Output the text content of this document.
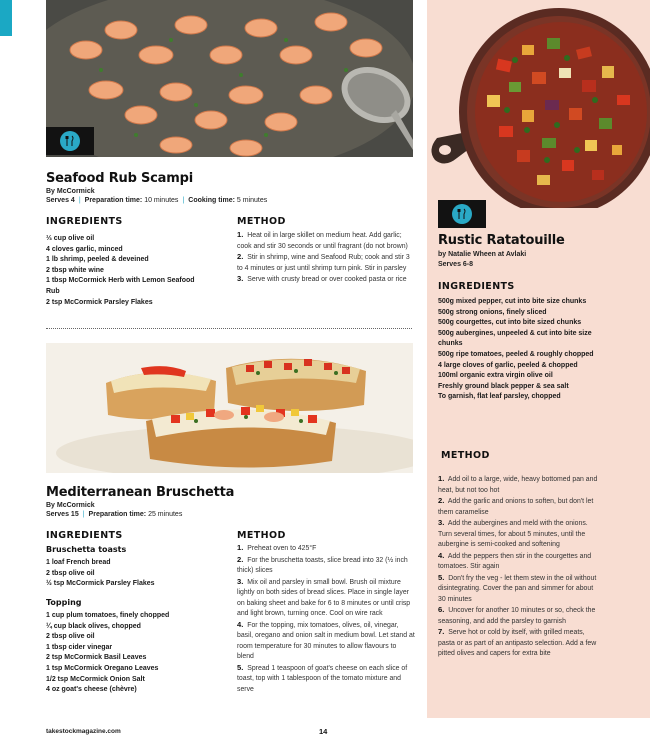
Rustic Ratatouille
by Natalie Wheen at Avlaki
Serves 6-8
INGREDIENTS
500g mixed pepper, cut into bite size chunks
500g strong onions, finely sliced
500g courgettes, cut into bite sized chunks
500g aubergines, unpeeled & cut into bite size chunks
500g ripe tomatoes, peeled & roughly chopped
4 large cloves of garlic, peeled & chopped
100ml organic extra virgin olive oil
Freshly ground black pepper & sea salt
To garnish, flat leaf parsley, chopped
METHOD
1. Add oil to a large, wide, heavy bottomed pan and heat, but not too hot
2. Add the garlic and onions to soften, but don't let them caramelise
3. Add the aubergines and meld with the onions. Turn several times, for about 5 minutes, until the aubergine is semi-cooked and softening
4. Add the peppers then stir in the courgettes and tomatoes. Stir again
5. Don't fry the veg - let them stew in the oil without disintegrating. Cover the pan and simmer for about 30 minutes
6. Uncover for another 10 minutes or so, check the seasoning, and add the parsley to garnish
7. Serve hot or cold by itself, with grilled meats, pasta or as part of an antipasto selection. Add a few pitted olives and capers for extra bite
Seafood Rub Scampi
By McCormick
Serves 4 | Preparation time: 10 minutes | Cooking time: 5 minutes
INGREDIENTS
⅓ cup olive oil
4 cloves garlic, minced
1 lb shrimp, peeled & deveined
2 tbsp white wine
1 tbsp McCormick Herb with Lemon Seafood Rub
2 tsp McCormick Parsley Flakes
METHOD
1. Heat oil in large skillet on medium heat. Add garlic; cook and stir 30 seconds or until fragrant (do not brown)
2. Stir in shrimp, wine and Seafood Rub; cook and stir 3 to 4 minutes or just until shrimp turn pink. Stir in parsley
3. Serve with crusty bread or over cooked pasta or rice
Mediterranean Bruschetta
By McCormick
Serves 15 | Preparation time: 25 minutes
INGREDIENTS
Bruschetta toasts
1 loaf French bread
2 tbsp olive oil
½ tsp McCormick Parsley Flakes
Topping
1 cup plum tomatoes, finely chopped
¼ cup black olives, chopped
2 tbsp olive oil
1 tbsp cider vinegar
2 tsp McCormick Basil Leaves
1 tsp McCormick Oregano Leaves
1/2 tsp McCormick Onion Salt
4 oz goat's cheese (chèvre)
METHOD
1. Preheat oven to 425°F
2. For the bruschetta toasts, slice bread into 32 (½ inch thick) slices
3. Mix oil and parsley in small bowl. Brush oil mixture lightly on both sides of bread slices. Place in single layer on baking sheet and bake for 6 to 8 minutes or until crisp and light brown, turning once. Cool on wire rack
4. For the topping, mix tomatoes, olives, oil, vinegar, basil, oregano and onion salt in medium bowl. Let stand at room temperature for 30 minutes to allow flavours to blend
5. Spread 1 teaspoon of goat's cheese on each slice of toast, top with 1 tablespoon of the tomato mixture and serve
takestockmagazine.com	14
